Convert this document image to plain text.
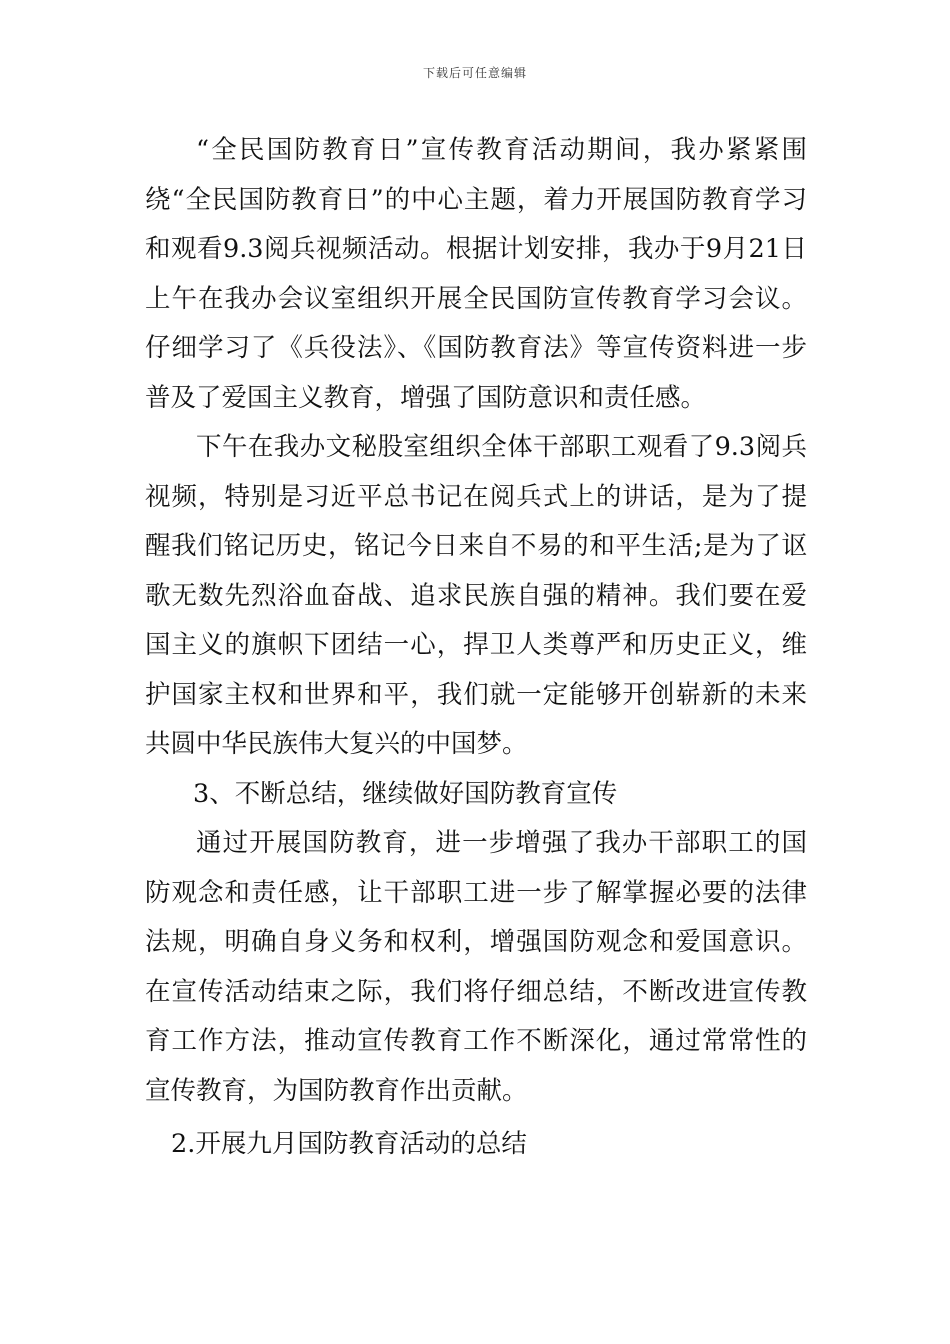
下载后可任意编辑

“全民国防教育日”宣传教育活动期间，我办紧紧围绕“全民国防教育日”的中心主题，着力开展国防教育学习和观看9.3阅兵视频活动。根据计划安排，我办于9月21日上午在我办会议室组织开展全民国防宣传教育学习会议。仔细学习了《兵役法》、《国防教育法》等宣传资料进一步普及了爱国主义教育，增强了国防意识和责任感。

下午在我办文秘股室组织全体干部职工观看了9.3阅兵视频，特别是习近平总书记在阅兵式上的讲话，是为了提醒我们铭记历史，铭记今日来自不易的和平生活;是为了讴歌无数先烈浴血奋战、追求民族自强的精神。我们要在爱国主义的旗帜下团结一心，捍卫人类尊严和历史正义，维护国家主权和世界和平，我们就一定能够开创崭新的未来共圆中华民族伟大复兴的中国梦。

3、不断总结，继续做好国防教育宣传

通过开展国防教育，进一步增强了我办干部职工的国防观念和责任感，让干部职工进一步了解掌握必要的法律法规，明确自身义务和权利，增强国防观念和爱国意识。在宣传活动结束之际，我们将仔细总结，不断改进宣传教育工作方法，推动宣传教育工作不断深化，通过常常性的宣传教育，为国防教育作出贡献。

2.开展九月国防教育活动的总结
